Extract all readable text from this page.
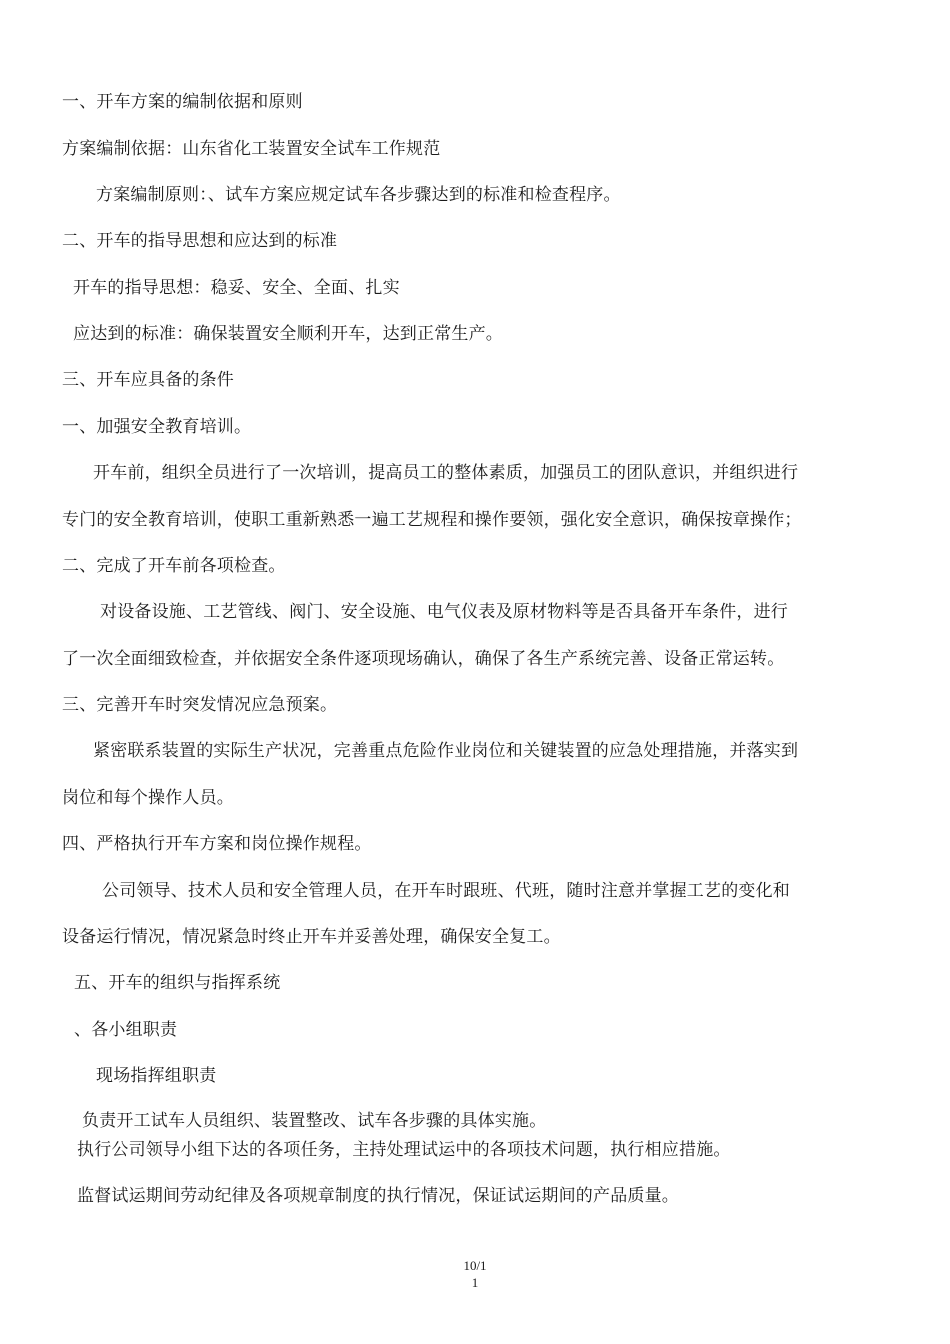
一、开车方案的编制依据和原则
方案编制依据：山东省化工装置安全试车工作规范
方案编制原则：、试车方案应规定试车各步骤达到的标准和检查程序。
二、开车的指导思想和应达到的标准
开车的指导思想：稳妥、安全、全面、扎实
应达到的标准：确保装置安全顺利开车，达到正常生产。
三、开车应具备的条件
一、加强安全教育培训。
开车前，组织全员进行了一次培训，提高员工的整体素质，加强员工的团队意识，并组织进行
专门的安全教育培训，使职工重新熟悉一遍工艺规程和操作要领，强化安全意识，确保按章操作；
二、完成了开车前各项检查。
对设备设施、工艺管线、阀门、安全设施、电气仪表及原材物料等是否具备开车条件，进行
了一次全面细致检查，并依据安全条件逐项现场确认，确保了各生产系统完善、设备正常运转。
三、完善开车时突发情况应急预案。
紧密联系装置的实际生产状况，完善重点危险作业岗位和关键装置的应急处理措施，并落实到
岗位和每个操作人员。
四、严格执行开车方案和岗位操作规程。
公司领导、技术人员和安全管理人员，在开车时跟班、代班，随时注意并掌握工艺的变化和
设备运行情况，情况紧急时终止开车并妥善处理，确保安全复工。
五、开车的组织与指挥系统
、各小组职责
现场指挥组职责
负责开工试车人员组织、装置整改、试车各步骤的具体实施。
执行公司领导小组下达的各项任务，主持处理试运中的各项技术问题，执行相应措施。
监督试运期间劳动纪律及各项规章制度的执行情况，保证试运期间的产品质量。
10/1
1
